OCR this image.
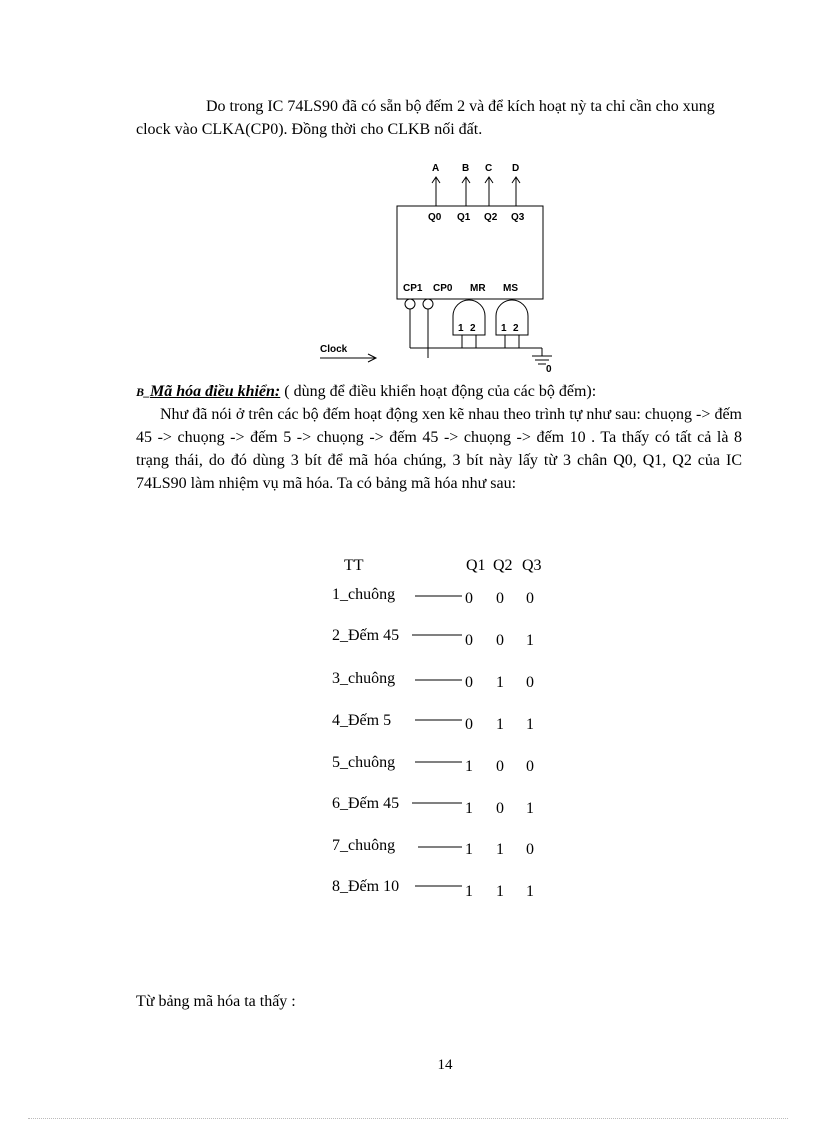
Do trong IC 74LS90 đã có sẵn bộ đếm 2 và để kích hoạt nỳ ta chỉ cần cho xung clock vào CLKA(CP0). Đồng thời cho CLKB nối đất.

A B C D
Q0 Q1 Q2 Q3
CP1 CP0 MR MS
1 2	1 2
0
Clock

B_Mã hóa điều khiển: ( dùng để điều khiển hoạt động của các bộ đếm):

Như đã nói ở trên các bộ đếm hoạt động xen kẽ nhau theo trình tự như sau: chuọng -> đếm 45 -> chuọng -> đếm 5 -> chuọng -> đếm 45 -> chuọng -> đếm 10 . Ta thấy có tất cả là 8 trạng thái, do đó dùng 3 bít để mã hóa chúng, 3 bít này lấy từ 3 chân Q0, Q1, Q2 của IC 74LS90 làm nhiệm vụ mã hóa. Ta có bảng mã hóa như sau:

TT	Q1 Q2 Q3
1_chuông	0 0 0
2_Đếm 45	0 0 1
3_chuông	0 1 0
4_Đếm 5	0 1 1
5_chuông	1 0 0
6_Đếm 45	1 0 1
7_chuông	1 1 0
8_Đếm 10	1 1 1

Từ bảng mã hóa ta thấy :

14
